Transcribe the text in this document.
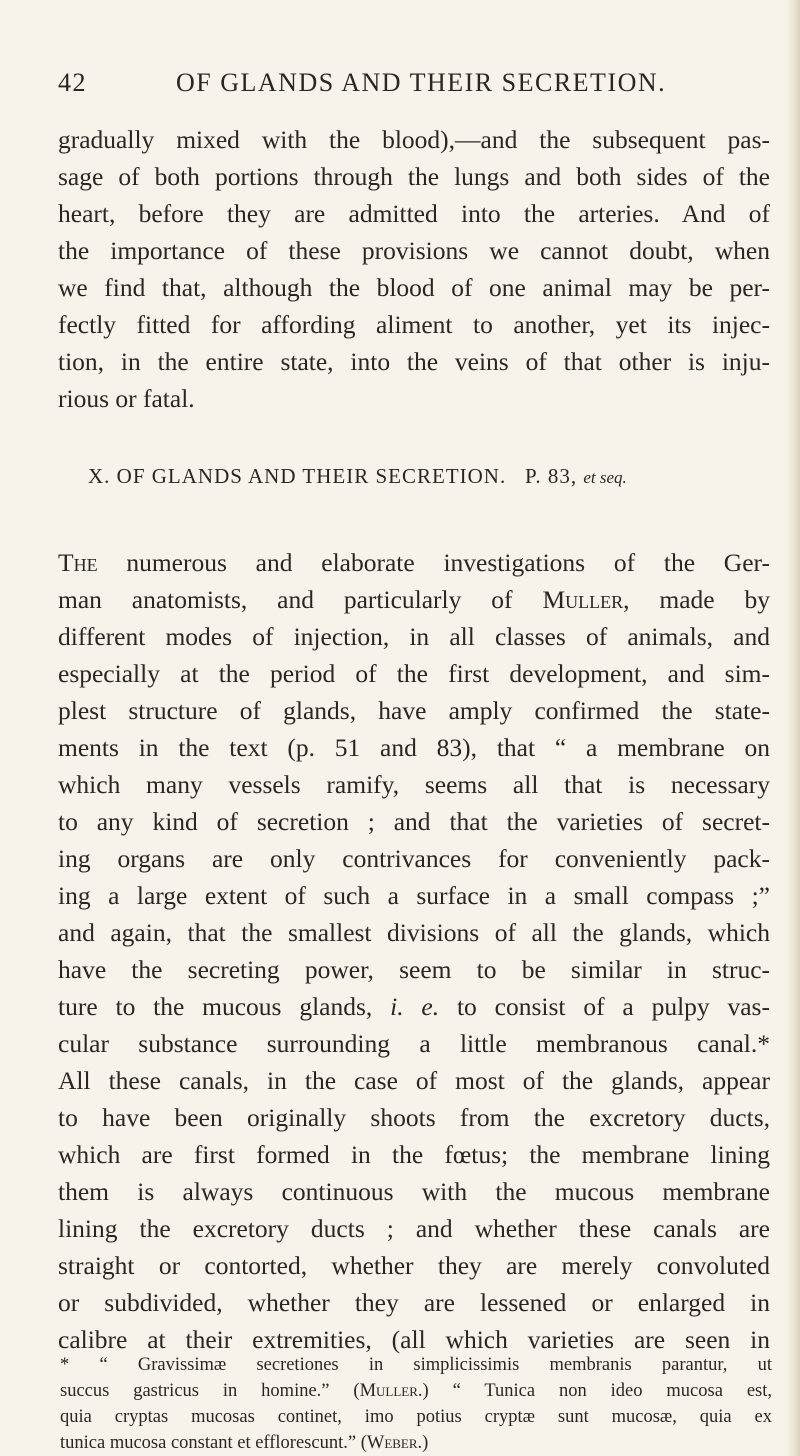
42	OF GLANDS AND THEIR SECRETION.
gradually mixed with the blood),—and the subsequent pas-
sage of both portions through the lungs and both sides of the
heart, before they are admitted into the arteries. And of
the importance of these provisions we cannot doubt, when
we find that, although the blood of one animal may be per-
fectly fitted for affording aliment to another, yet its injec-
tion, in the entire state, into the veins of that other is inju-
rious or fatal.
X. OF GLANDS AND THEIR SECRETION. P. 83, et seq.
The numerous and elaborate investigations of the Ger-
man anatomists, and particularly of Muller, made by
different modes of injection, in all classes of animals, and
especially at the period of the first development, and sim-
plest structure of glands, have amply confirmed the state-
ments in the text (p. 51 and 83), that “ a membrane on
which many vessels ramify, seems all that is necessary
to any kind of secretion ; and that the varieties of secret-
ing organs are only contrivances for conveniently pack-
ing a large extent of such a surface in a small compass ;”
and again, that the smallest divisions of all the glands, which
have the secreting power, seem to be similar in struc-
ture to the mucous glands, i. e. to consist of a pulpy vas-
cular substance surrounding a little membranous canal.*
All these canals, in the case of most of the glands, appear
to have been originally shoots from the excretory ducts,
which are first formed in the fœtus; the membrane lining
them is always continuous with the mucous membrane
lining the excretory ducts ; and whether these canals are
straight or contorted, whether they are merely convoluted
or subdivided, whether they are lessened or enlarged in
calibre at their extremities, (all which varieties are seen in
* “ Gravissimæ secretiones in simplicissimis membranis parantur, ut
succus gastricus in homine.” (Muller.) “ Tunica non ideo mucosa est,
quia cryptas mucosas continet, imo potius cryptæ sunt mucosæ, quia ex
tunica mucosa constant et efflorescunt.” (Weber.)
